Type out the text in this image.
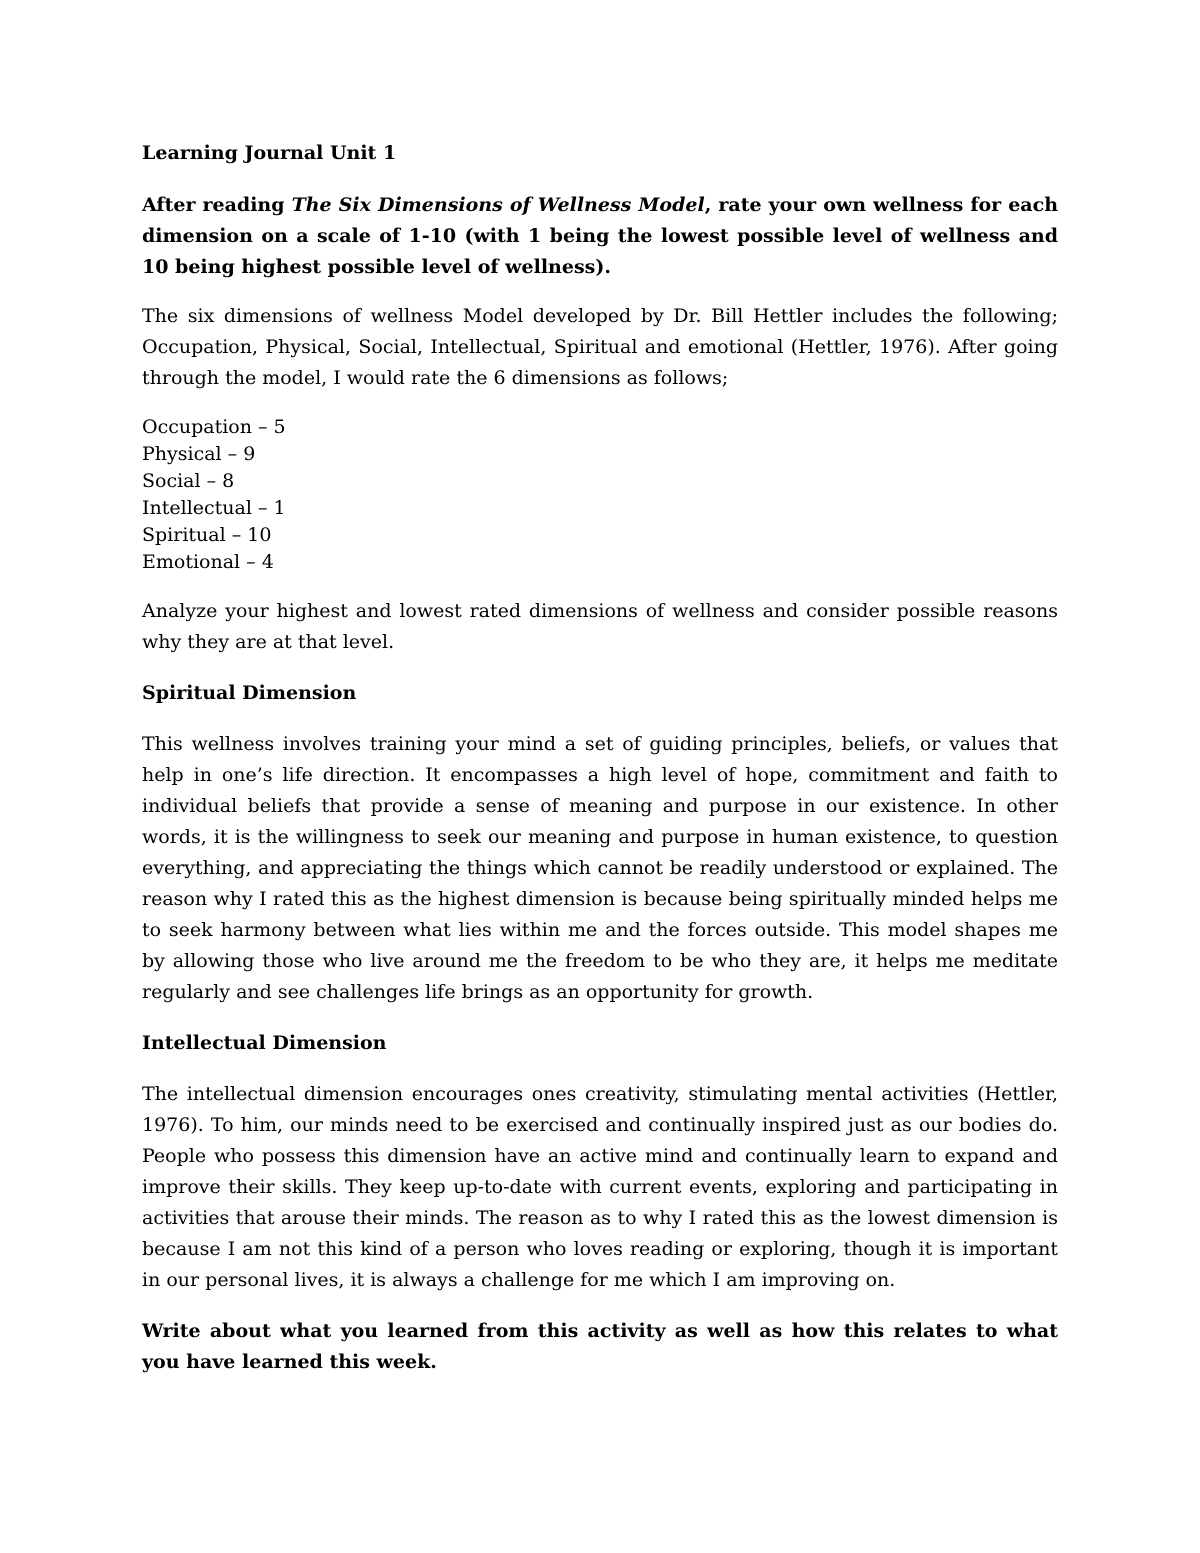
Learning Journal Unit 1

After reading The Six Dimensions of Wellness Model, rate your own wellness for each dimension on a scale of 1-10 (with 1 being the lowest possible level of wellness and 10 being highest possible level of wellness).

The six dimensions of wellness Model developed by Dr. Bill Hettler includes the following; Occupation, Physical, Social, Intellectual, Spiritual and emotional (Hettler, 1976). After going through the model, I would rate the 6 dimensions as follows;

Occupation – 5
Physical – 9
Social – 8
Intellectual – 1
Spiritual – 10
Emotional – 4

Analyze your highest and lowest rated dimensions of wellness and consider possible reasons why they are at that level.

Spiritual Dimension

This wellness involves training your mind a set of guiding principles, beliefs, or values that help in one’s life direction. It encompasses a high level of hope, commitment and faith to individual beliefs that provide a sense of meaning and purpose in our existence. In other words, it is the willingness to seek our meaning and purpose in human existence, to question everything, and appreciating the things which cannot be readily understood or explained. The reason why I rated this as the highest dimension is because being spiritually minded helps me to seek harmony between what lies within me and the forces outside. This model shapes me by allowing those who live around me the freedom to be who they are, it helps me meditate regularly and see challenges life brings as an opportunity for growth.

Intellectual Dimension

The intellectual dimension encourages ones creativity, stimulating mental activities (Hettler, 1976). To him, our minds need to be exercised and continually inspired just as our bodies do. People who possess this dimension have an active mind and continually learn to expand and improve their skills. They keep up-to-date with current events, exploring and participating in activities that arouse their minds. The reason as to why I rated this as the lowest dimension is because I am not this kind of a person who loves reading or exploring, though it is important in our personal lives, it is always a challenge for me which I am improving on.

Write about what you learned from this activity as well as how this relates to what you have learned this week.
